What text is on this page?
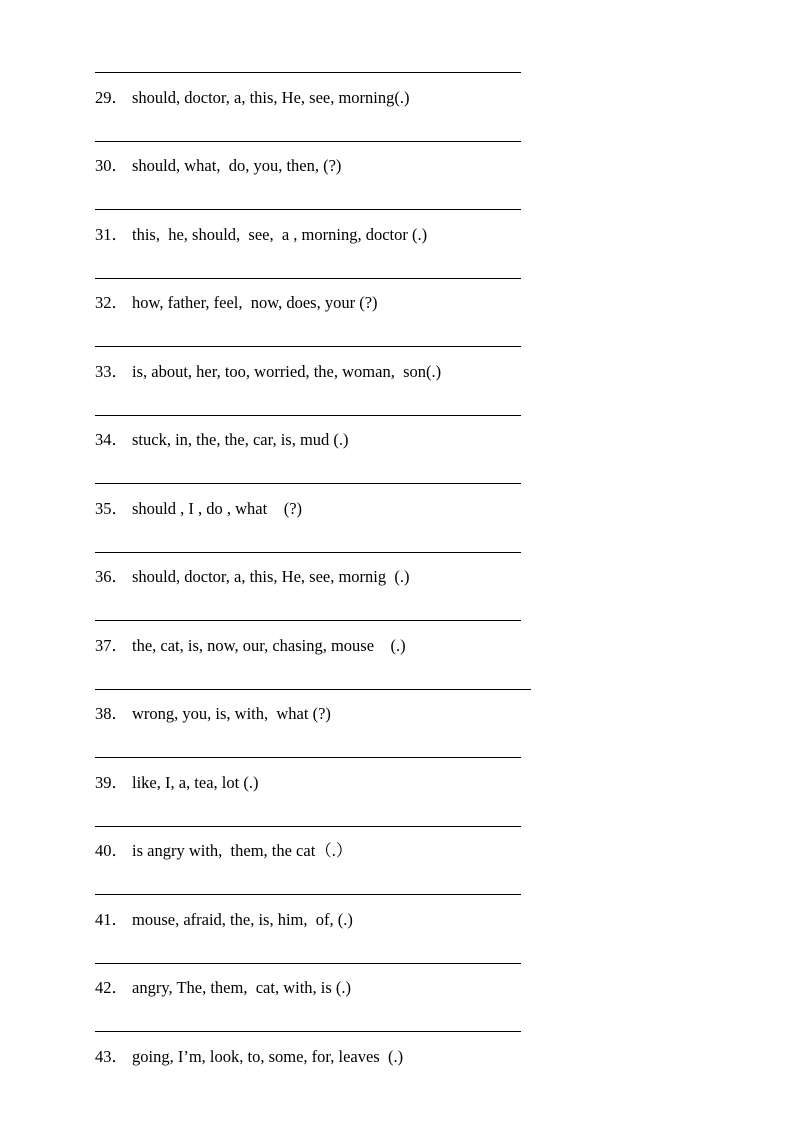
29． should, doctor, a, this, He, see, morning(.)
30． should, what,  do, you, then, (?)
31． this,  he, should,  see,  a , morning, doctor (.)
32． how, father, feel,  now, does, your (?)
33． is, about, her, too, worried, the, woman,  son(.)
34． stuck, in, the, the, car, is, mud (.)
35． should , I , do , what    (?)
36． should, doctor, a, this, He, see, mornig  (.)
37． the, cat, is, now, our, chasing, mouse    (.)
38． wrong, you, is, with,  what (?)
39． like, I, a, tea, lot (.)
40． is angry with,  them, the cat（.）
41． mouse, afraid, the, is, him,  of, (.)
42． angry, The, them,  cat, with, is (.)
43． going, I’m, look, to, some, for, leaves  (.)
